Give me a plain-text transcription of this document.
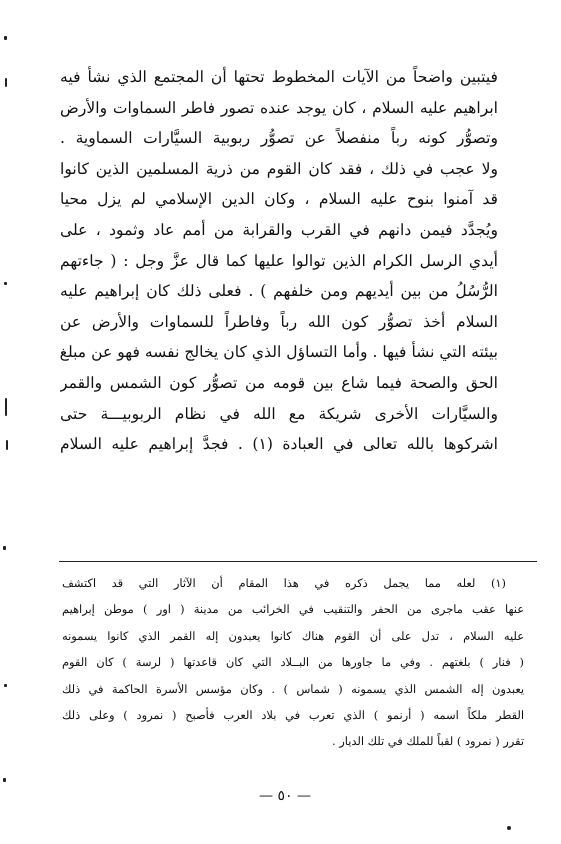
فيتبين واضحاً من الآيات المخطوط تحتها أن المجتمع الذي نشأ فيه
ابراهيم عليه السلام ، كان يوجد عنده تصور فاطر السماوات والأرض
وتصوُّر كونه رباً منفصلاً عن تصوُّر ربوبية السيَّارات السماوية .
ولا عجب في ذلك ، فقد كان القوم من ذرية المسلمين الذين كانوا
قد آمنوا بنوح عليه السلام ، وكان الدين الإسلامي لم يزل محيا
ويُجدَّد فيمن دانهم في القرب والقرابة من أمم عاد وثمود ، على
أيدي الرسل الكرام الذين توالوا عليها كما قال عزَّ وجل : ( جاءتهم
الرُّسُلُ من بين أيديهم ومن خلفهم ) . فعلى ذلك كان إبراهيم عليه
السلام أخذ تصوُّر كون الله رباً وفاطراً للسماوات والأرض عن
بيئته التي نشأ فيها . وأما التساؤل الذي كان يخالج نفسه فهو عن مبلغ
الحق والصحة فيما شاع بين قومه من تصوُّر كون الشمس والقمر
والسيَّارات الأخرى شريكة مع الله في نظام الربوبيـــة حتى
اشركوها بالله تعالى في العبادة (١) . فجدَّ إبراهيم عليه السلام
(١) لعله مما يجمل ذكره في هذا المقام أن الآثار التي قد اكتشف
عنها عقب ماجرى من الحفر والتنقيب في الخرائب من مدينة ( اور ) موطن إبراهيم
عليه السلام ، تدل على أن القوم هناك كانوا يعبدون إله القمر الذي كانوا يسمونه
( فنار ) بلغتهم . وفي ما جاورها من البــلاد التي كان قاعدتها ( لرسة ) كان القوم
يعبدون إله الشمس الذي يسمونه ( شماس ) . وكان مؤسس الأسرة الحاكمة في ذلك
القطر ملكاً اسمه ( أرنمو ) الذي تعرب في بلاد العرب فأصبح ( نمرود ) وعلى ذلك
تقرر ( نمرود ) لقباً للملك في تلك الديار .
— ٥٠ —
